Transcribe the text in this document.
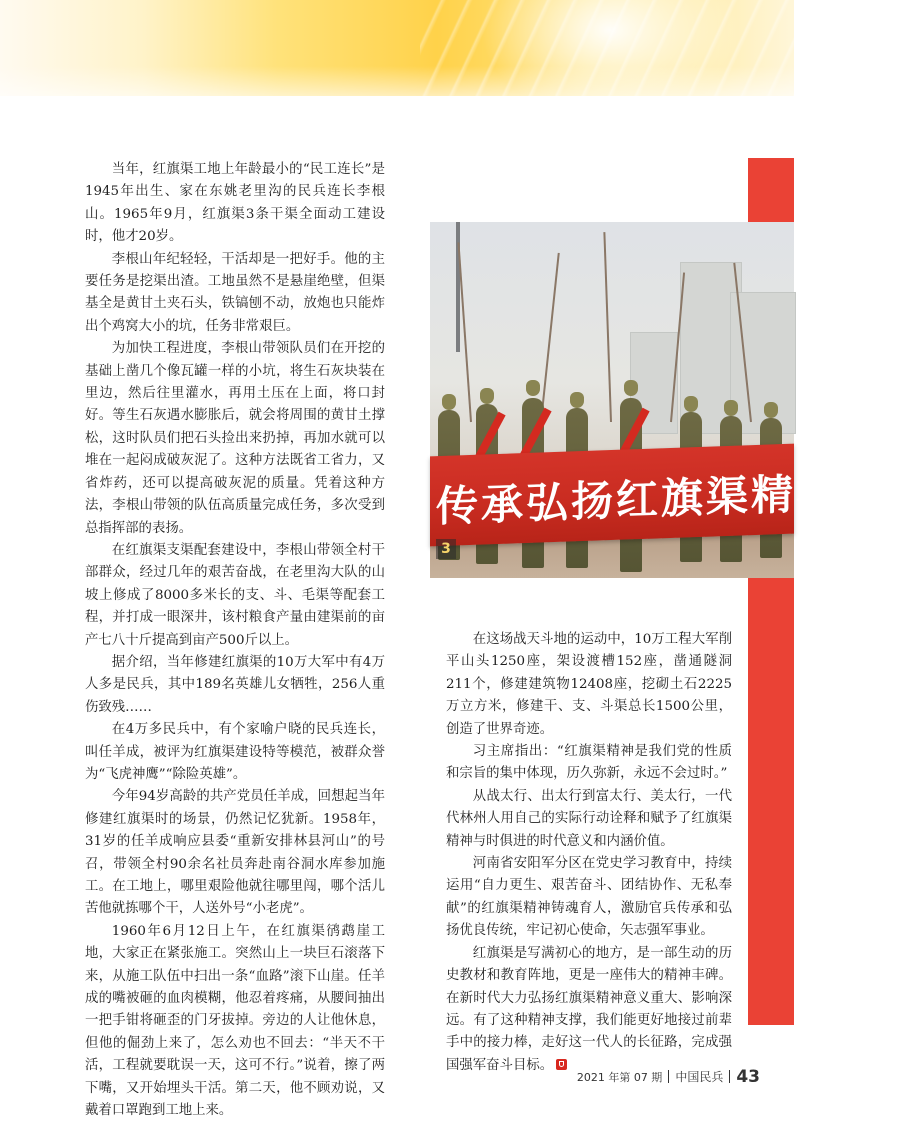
当年，红旗渠工地上年龄最小的“民工连长”是1945年出生、家在东姚老里沟的民兵连长李根山。1965年9月，红旗渠3条干渠全面动工建设时，他才20岁。

李根山年纪轻轻，干活却是一把好手。他的主要任务是挖渠出渣。工地虽然不是悬崖绝壁，但渠基全是黄甘土夹石头，铁镐刨不动，放炮也只能炸出个鸡窝大小的坑，任务非常艰巨。

为加快工程进度，李根山带领队员们在开挖的基础上凿几个像瓦罐一样的小坑，将生石灰块装在里边，然后往里灌水，再用土压在上面，将口封好。等生石灰遇水膨胀后，就会将周围的黄甘土撑松，这时队员们把石头捡出来扔掉，再加水就可以堆在一起闷成破灰泥了。这种方法既省工省力，又省炸药，还可以提高破灰泥的质量。凭着这种方法，李根山带领的队伍高质量完成任务，多次受到总指挥部的表扬。

在红旗渠支渠配套建设中，李根山带领全村干部群众，经过几年的艰苦奋战，在老里沟大队的山坡上修成了8000多米长的支、斗、毛渠等配套工程，并打成一眼深井，该村粮食产量由建渠前的亩产七八十斤提高到亩产500斤以上。

据介绍，当年修建红旗渠的10万大军中有4万人多是民兵，其中189名英雄儿女牺牲，256人重伤致残……

在4万多民兵中，有个家喻户晓的民兵连长，叫任羊成，被评为红旗渠建设特等模范，被群众誉为“飞虎神鹰”“除险英雄”。

今年94岁高龄的共产党员任羊成，回想起当年修建红旗渠时的场景，仍然记忆犹新。1958年，31岁的任羊成响应县委“重新安排林县河山”的号召，带领全村90余名社员奔赴南谷洞水库参加施工。在工地上，哪里艰险他就往哪里闯，哪个活儿苦他就拣哪个干，人送外号“小老虎”。

1960年6月12日上午，在红旗渠鸻鹉崖工地，大家正在紧张施工。突然山上一块巨石滚落下来，从施工队伍中扫出一条“血路”滚下山崖。任羊成的嘴被砸的血肉模糊，他忍着疼痛，从腰间抽出一把手钳将砸歪的门牙拔掉。旁边的人让他休息，但他的倔劲上来了，怎么劝也不回去：“半天不干活，工程就要耽误一天，这可不行。”说着，擦了两下嘴，又开始埋头干活。第二天，他不顾劝说，又戴着口罩跑到工地上来。

传承弘扬红旗渠精神 争
3

在这场战天斗地的运动中，10万工程大军削平山头1250座，架设渡槽152座，凿通隧洞211个，修建建筑物12408座，挖砌土石2225万立方米，修建干、支、斗渠总长1500公里，创造了世界奇迹。

习主席指出：“红旗渠精神是我们党的性质和宗旨的集中体现，历久弥新，永远不会过时。”

从战太行、出太行到富太行、美太行，一代代林州人用自己的实际行动诠释和赋予了红旗渠精神与时俱进的时代意义和内涵价值。

河南省安阳军分区在党史学习教育中，持续运用“自力更生、艰苦奋斗、团结协作、无私奉献”的红旗渠精神铸魂育人，激励官兵传承和弘扬优良传统，牢记初心使命，矢志强军事业。

红旗渠是写满初心的地方，是一部生动的历史教材和教育阵地，更是一座伟大的精神丰碑。在新时代大力弘扬红旗渠精神意义重大、影响深远。有了这种精神支撑，我们能更好地接过前辈手中的接力棒，走好这一代人的长征路，完成强国强军奋斗目标。

2021 年第 07 期 中国民兵 43
